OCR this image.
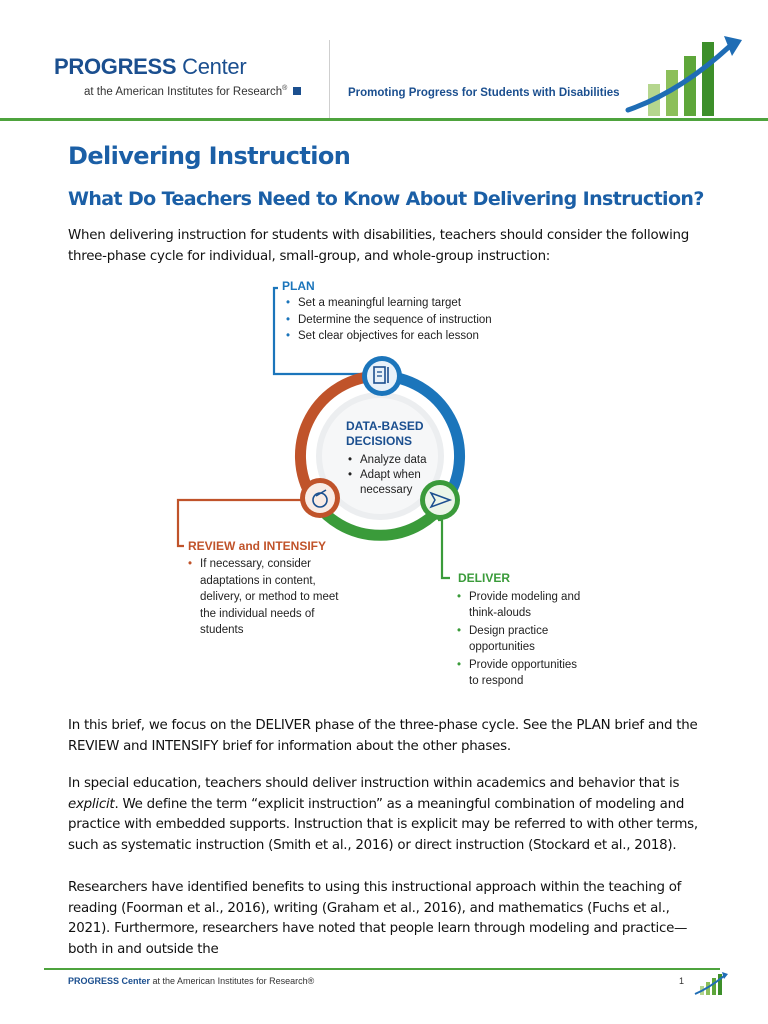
PROGRESS Center
at the American Institutes for Research®	Promoting Progress for Students with Disabilities
Delivering Instruction
What Do Teachers Need to Know About Delivering Instruction?
When delivering instruction for students with disabilities, teachers should consider the following three-phase cycle for individual, small-group, and whole-group instruction:
PLAN
• Set a meaningful learning target
• Determine the sequence of instruction
• Set clear objectives for each lesson
DATA-BASED
DECISIONS
• Analyze data
• Adapt when necessary
REVIEW and INTENSIFY
• If necessary, consider adaptations in content, delivery, or method to meet the individual needs of students
DELIVER
• Provide modeling and think-alouds
• Design practice opportunities
• Provide opportunities to respond
In this brief, we focus on the DELIVER phase of the three-phase cycle. See the PLAN brief and the REVIEW and INTENSIFY brief for information about the other phases.
In special education, teachers should deliver instruction within academics and behavior that is explicit. We define the term “explicit instruction” as a meaningful combination of modeling and practice with embedded supports. Instruction that is explicit may be referred to with other terms, such as systematic instruction (Smith et al., 2016) or direct instruction (Stockard et al., 2018).
Researchers have identified benefits to using this instructional approach within the teaching of reading (Foorman et al., 2016), writing (Graham et al., 2016), and mathematics (Fuchs et al., 2021). Furthermore, researchers have noted that people learn through modeling and practice—both in and outside the
PROGRESS Center at the American Institutes for Research®	1
